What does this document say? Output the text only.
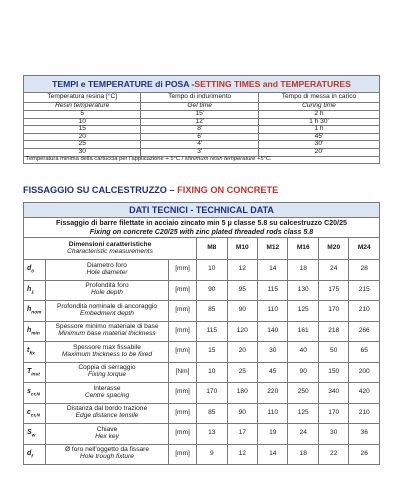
TEMPI e TEMPERATURE di POSA - SETTING TIMES and TEMPERATURES
Temperatura resina [°C]	Tempo di indurimento	Tempo di messa in carico
Resin temperature	Gel time	Curing time
5	15'	2 h
10	12'	1 h 30'
15	8'	1 h
20	6'	45'
25	4'	30'
30	3'	20'
Temperatura minima della cartuccia per l'applicazione + 5°C / Minimum resin temperature +5°C.		
FISSAGGIO SU CALCESTRUZZO – FIXING ON CONCRETE
DATI TECNICI - TECHNICAL DATA
Fissaggio di barre filettate in acciaio zincato min 5 μ classe 5.8 su calcestruzzo C20/25
Fixing on concrete C20/25 with zinc plated threaded rods class 5.8
Dimensioni caratteristiche
Characteristic measurements			M8	M10	M12	M16	M20	M24
$d_0$	Diametro foro
Hole diameter	[mm]	10	12	14	18	24	28
$h_1$	Profondità foro
Hole depth	[mm]	90	95	115	130	175	215
$h_{nom}$	Profondità nominale di ancoraggio
Embedment depth	[mm]	85	90	110	125	170	210
$h_{min}$	Spessore minimo materiale di base
Minimum base material thickness	[mm]	115	120	140	161	218	266
$t_{fix}$	Spessore max fissabile
Maximum thickness to be fixed	[mm]	15	20	30	40	50	65
$T_{inst}$	Coppia di serraggio
Fixing torque	[Nm]	10	25	45	90	150	200
$s_{cr,N}$	Interasse
Centre spacing	[mm]	170	180	220	250	340	420
$c_{cr,N}$	Distanza dal bordo trazione
Edge distance tensile	[mm]	85	90	110	125	170	210
$S_w$	Chiave
Hex key	[mm]	13	17	19	24	30	36
$d_f$	Ø foro nell'oggetto da fissare
Hole trough fixture	[mm]	9	12	14	18	22	26
